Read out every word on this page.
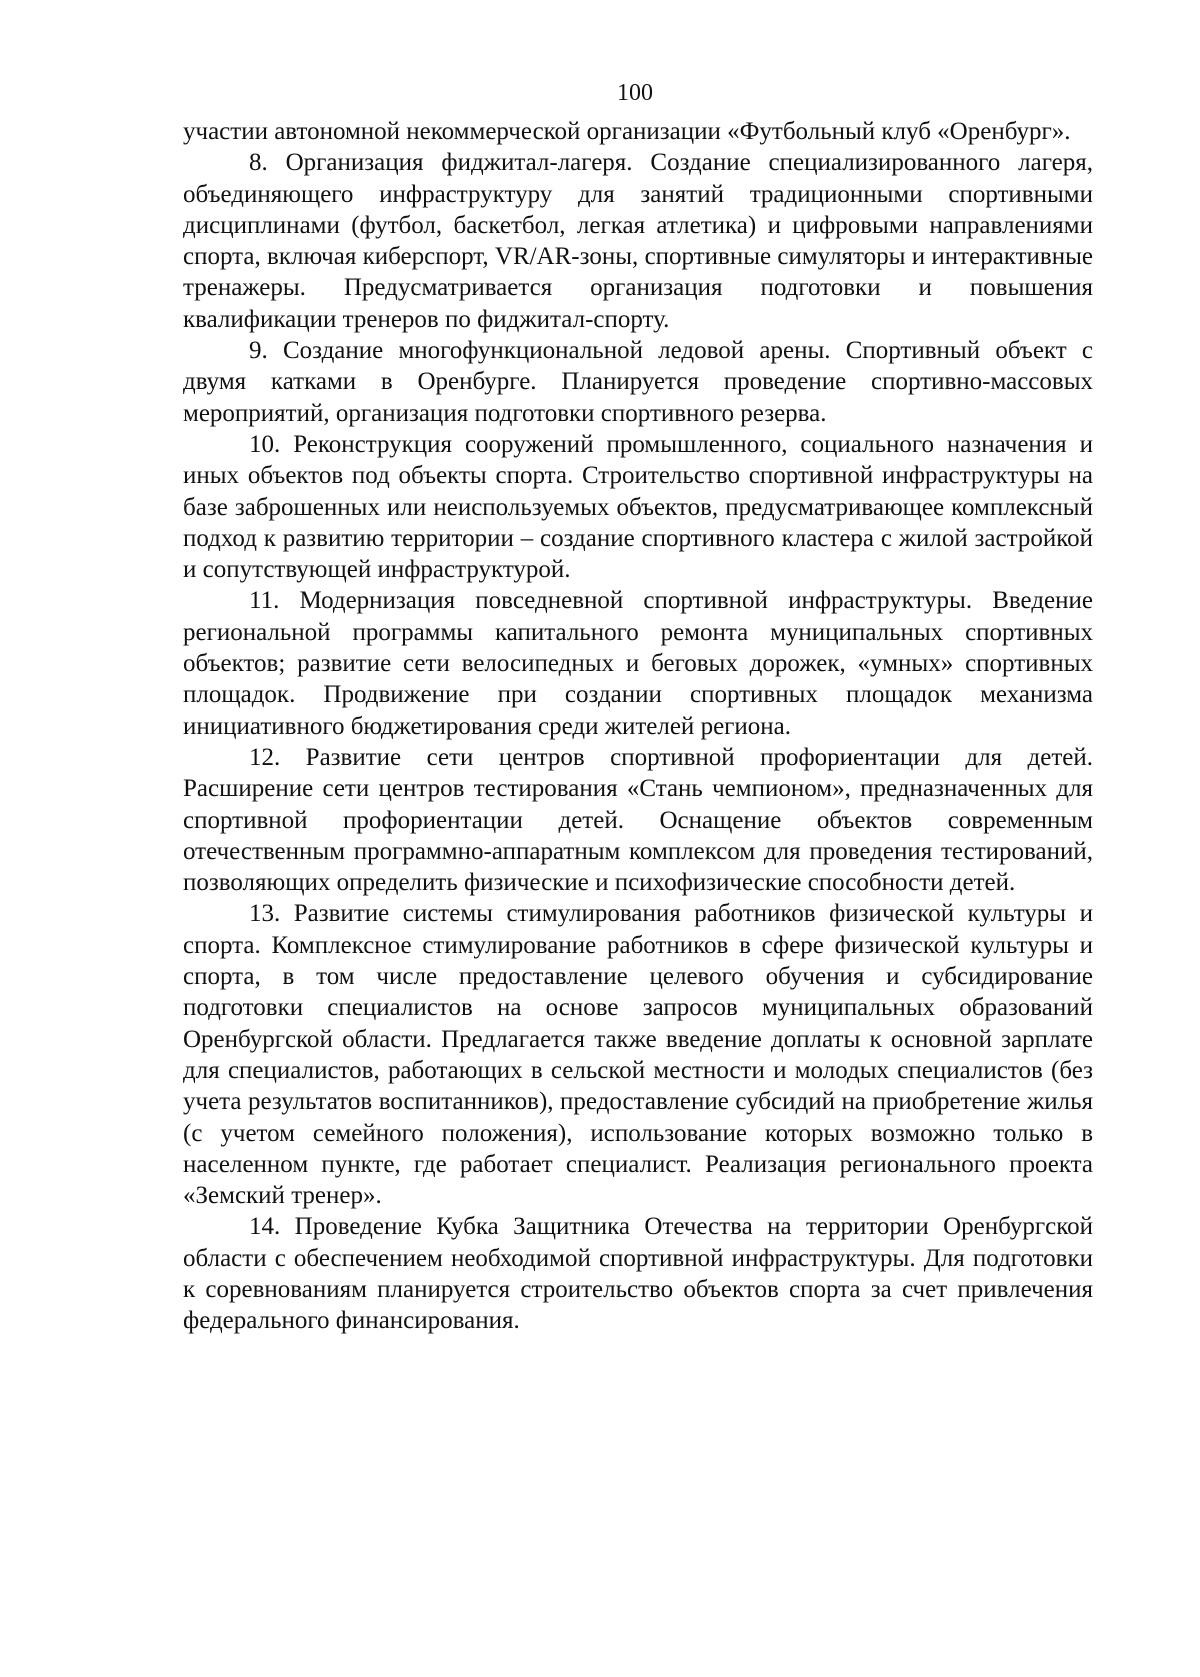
100

участии автономной некоммерческой организации «Футбольный клуб «Оренбург».

8. Организация фиджитал-лагеря. Создание специализированного лагеря, объединяющего инфраструктуру для занятий традиционными спортивными дисциплинами (футбол, баскетбол, легкая атлетика) и цифровыми направлениями спорта, включая киберспорт, VR/AR-зоны, спортивные симуляторы и интерактивные тренажеры. Предусматривается организация подготовки и повышения квалификации тренеров по фиджитал-спорту.

9. Создание многофункциональной ледовой арены. Спортивный объект с двумя катками в Оренбурге. Планируется проведение спортивно-массовых мероприятий, организация подготовки спортивного резерва.

10. Реконструкция сооружений промышленного, социального назначения и иных объектов под объекты спорта. Строительство спортивной инфраструктуры на базе заброшенных или неиспользуемых объектов, предусматривающее комплексный подход к развитию территории – создание спортивного кластера с жилой застройкой и сопутствующей инфраструктурой.

11. Модернизация повседневной спортивной инфраструктуры. Введение региональной программы капитального ремонта муниципальных спортивных объектов; развитие сети велосипедных и беговых дорожек, «умных» спортивных площадок. Продвижение при создании спортивных площадок механизма инициативного бюджетирования среди жителей региона.

12. Развитие сети центров спортивной профориентации для детей. Расширение сети центров тестирования «Стань чемпионом», предназначенных для спортивной профориентации детей. Оснащение объектов современным отечественным программно-аппаратным комплексом для проведения тестирований, позволяющих определить физические и психофизические способности детей.

13. Развитие системы стимулирования работников физической культуры и спорта. Комплексное стимулирование работников в сфере физической культуры и спорта, в том числе предоставление целевого обучения и субсидирование подготовки специалистов на основе запросов муниципальных образований Оренбургской области. Предлагается также введение доплаты к основной зарплате для специалистов, работающих в сельской местности и молодых специалистов (без учета результатов воспитанников), предоставление субсидий на приобретение жилья (с учетом семейного положения), использование которых возможно только в населенном пункте, где работает специалист. Реализация регионального проекта «Земский тренер».

14. Проведение Кубка Защитника Отечества на территории Оренбургской области с обеспечением необходимой спортивной инфраструктуры. Для подготовки к соревнованиям планируется строительство объектов спорта за счет привлечения федерального финансирования.
